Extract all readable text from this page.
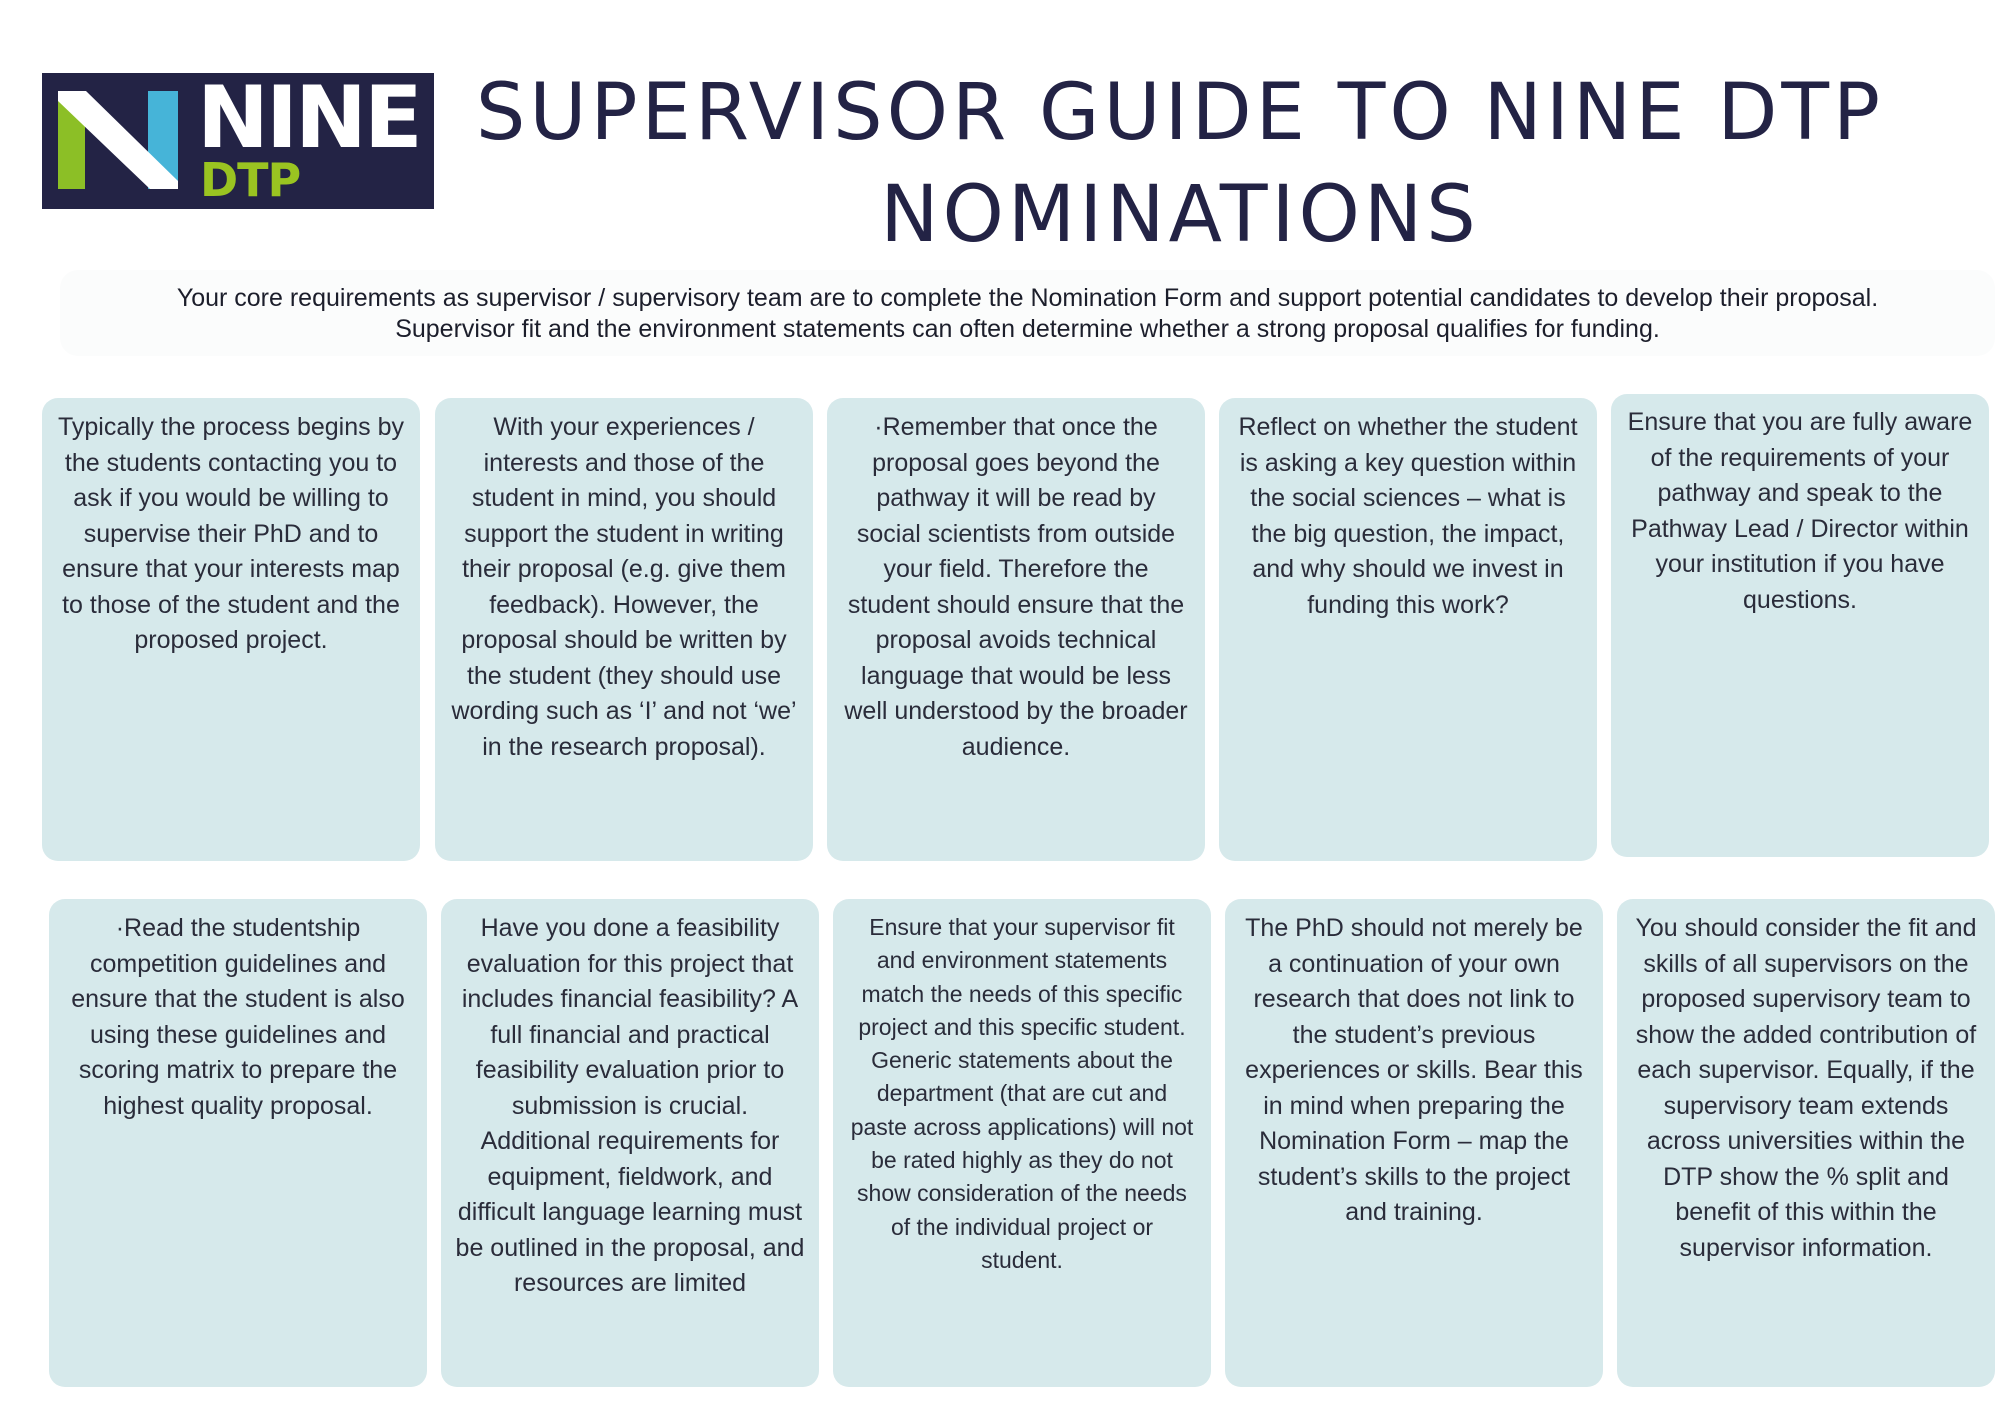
NINE
DTP
SUPERVISOR GUIDE TO NINE DTP
NOMINATIONS
Your core requirements as supervisor / supervisory team are to complete the Nomination Form and support potential candidates to develop their proposal.
Supervisor fit and the environment statements can often determine whether a strong proposal qualifies for funding.

Typically the process begins by the students contacting you to ask if you would be willing to supervise their PhD and to ensure that your interests map to those of the student and the proposed project.

With your experiences / interests and those of the student in mind, you should support the student in writing their proposal (e.g. give them feedback). However, the proposal should be written by the student (they should use wording such as ‘I’ and not ‘we’ in the research proposal).

·Remember that once the proposal goes beyond the pathway it will be read by social scientists from outside your field. Therefore the student should ensure that the proposal avoids technical language that would be less well understood by the broader audience.

Reflect on whether the student is asking a key question within the social sciences – what is the big question, the impact, and why should we invest in funding this work?

Ensure that you are fully aware of the requirements of your pathway and speak to the Pathway Lead / Director within your institution if you have questions.

·Read the studentship competition guidelines and ensure that the student is also using these guidelines and scoring matrix to prepare the highest quality proposal.

Have you done a feasibility evaluation for this project that includes financial feasibility? A full financial and practical feasibility evaluation prior to submission is crucial. Additional requirements for equipment, fieldwork, and difficult language learning must be outlined in the proposal, and resources are limited

Ensure that your supervisor fit and environment statements match the needs of this specific project and this specific student. Generic statements about the department (that are cut and paste across applications) will not be rated highly as they do not show consideration of the needs of the individual project or student.

The PhD should not merely be a continuation of your own research that does not link to the student’s previous experiences or skills. Bear this in mind when preparing the Nomination Form – map the student’s skills to the project and training.

You should consider the fit and skills of all supervisors on the proposed supervisory team to show the added contribution of each supervisor. Equally, if the supervisory team extends across universities within the DTP show the % split and benefit of this within the supervisor information.
